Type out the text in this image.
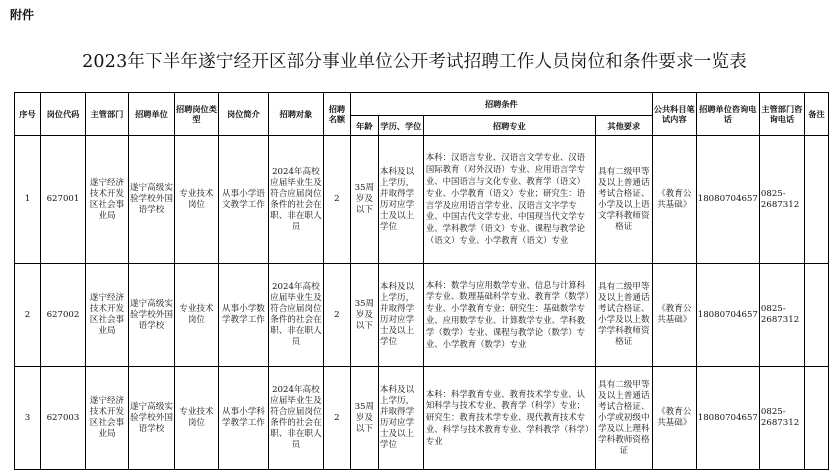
附件
2023年下半年遂宁经开区部分事业单位公开考试招聘工作人员岗位和条件要求一览表
序号	岗位代码	主管部门	招聘单位	招聘岗位类型	岗位简介	招聘对象	招聘名额	招聘条件				公共科目笔试内容	招聘单位咨询电话	主管部门咨询电话	备注
								年龄	学历、学位	招聘专业	其他要求				
1	627001	遂宁经济技术开发区社会事业局	遂宁高级实验学校外国语学校	专业技术岗位	从事小学语文教学工作	2024年高校应届毕业生及符合应届岗位条件的社会在职、非在职人员	2	35周岁及以下	本科及以上学历，并取得学历对应学士及以上学位	本科：汉语言专业、汉语言文学专业、汉语国际教育（对外汉语）专业、应用语言学专业、中国语言与文化专业、教育学（语文）专业、小学教育（语文）专业；研究生：语言学及应用语言学专业、汉语言文字学专业、中国古代文学专业、中国现当代文学专业、学科教学（语文）专业、课程与教学论（语文）专业、小学教育（语文）专业	具有二级甲等及以上普通话考试合格证、小学及以上语文学科教师资格证	《教育公共基础》	18080704657	0825-2687312	
2	627002	遂宁经济技术开发区社会事业局	遂宁高级实验学校外国语学校	专业技术岗位	从事小学数学教学工作	2024年高校应届毕业生及符合应届岗位条件的社会在职、非在职人员	2	35周岁及以下	本科及以上学历，并取得学历对应学士及以上学位	本科：数学与应用数学专业、信息与计算科学专业、数理基础科学专业、教育学（数学）专业、小学教育专业；研究生：基础数学专业、应用数学专业、计算数学专业、学科教学（数学）专业、课程与教学论（数学）专业、小学教育（数学）专业	具有二级甲等及以上普通话考试合格证、小学及以上数学学科教师资格证	《教育公共基础》	18080704657	0825-2687312	
3	627003	遂宁经济技术开发区社会事业局	遂宁高级实验学校外国语学校	专业技术岗位	从事小学科学教学工作	2024年高校应届毕业生及符合应届岗位条件的社会在职、非在职人员	2	35周岁及以下	本科及以上学历，并取得学历对应学士及以上学位	本科：科学教育专业、教育技术学专业、认知科学与技术专业、教育学（科学）专业；研究生：教育技术学专业、现代教育技术专业、科学与技术教育专业、学科教学（科学）专业	具有二级甲等及以上普通话考试合格证、小学或初级中学及以上理科学科教师资格证	《教育公共基础》	18080704657	0825-2687312	
